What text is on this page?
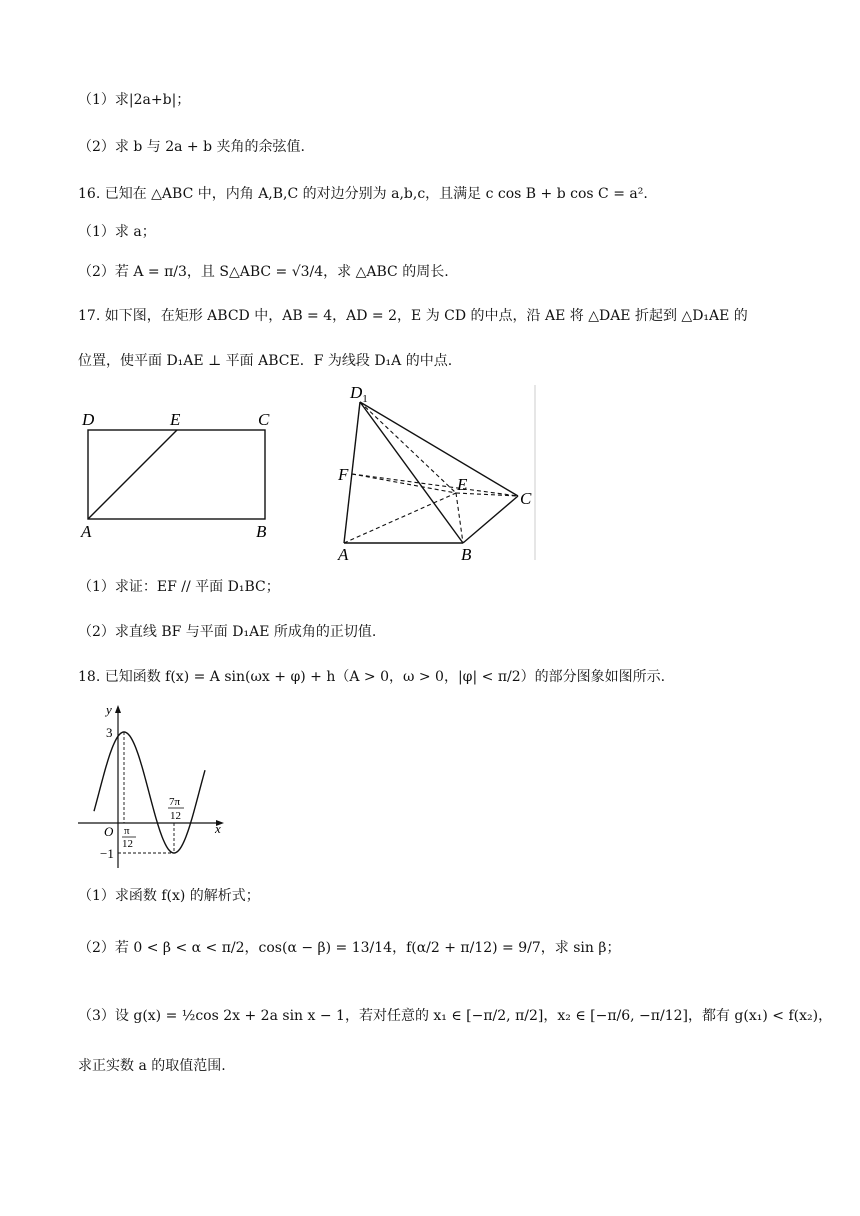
（1）求|2a+b|；
（2）求 b 与 2a + b 夹角的余弦值.
16. 已知在 △ABC 中，内角 A,B,C 的对边分别为 a,b,c，且满足 c cos B + b cos C = a².
（1）求 a；
（2）若 A = π/3，且 S△ABC = √3/4，求 △ABC 的周长.
17. 如下图，在矩形 ABCD 中，AB = 4，AD = 2，E 为 CD 的中点，沿 AE 将 △DAE 折起到 △D₁AE 的
位置，使平面 D₁AE ⊥ 平面 ABCE．F 为线段 D₁A 的中点.
D	E	C
A	B
$D_1$
F
E
C
A	B
（1）求证：EF // 平面 D₁BC；
（2）求直线 BF 与平面 D₁AE 所成角的正切值.
18. 已知函数 f(x) = A sin(ωx + φ) + h（A > 0，ω > 0，|φ| < π/2）的部分图象如图所示.
y
x
O
3
−1
π
12
7π
12
（1）求函数 f(x) 的解析式；
（2）若 0 < β < α < π/2，cos(α − β) = 13/14，f(α/2 + π/12) = 9/7，求 sin β；
（3）设 g(x) = ½cos 2x + 2a sin x − 1，若对任意的 x₁ ∈ [−π/2, π/2]，x₂ ∈ [−π/6, −π/12]，都有 g(x₁) < f(x₂)，
求正实数 a 的取值范围.
